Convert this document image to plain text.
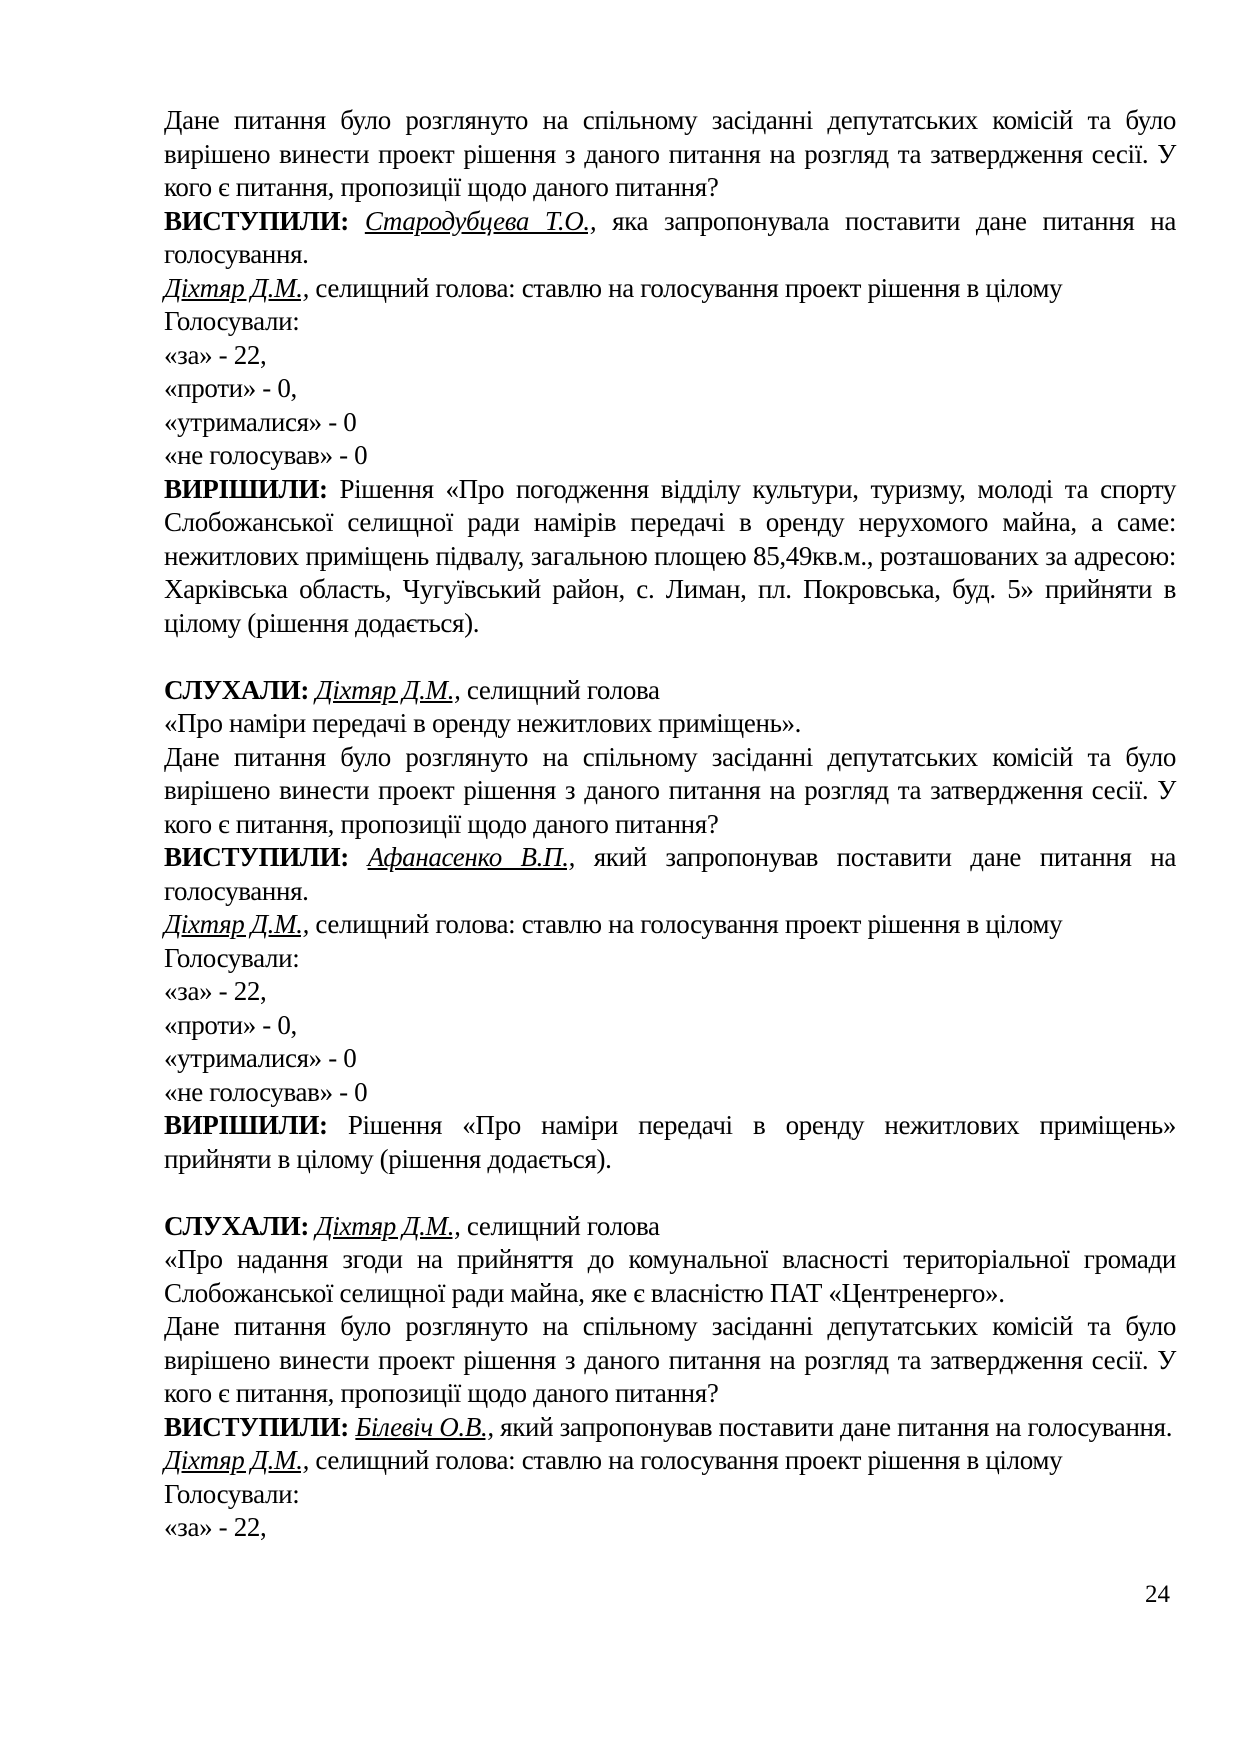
Дане питання було розглянуто на спільному засіданні депутатських комісій та було вирішено винести проект рішення з даного питання на розгляд та затвердження сесії. У кого є питання, пропозиції щодо даного питання?

ВИСТУПИЛИ: Стародубцева Т.О., яка запропонувала поставити дане питання на голосування.

Діхтяр Д.М., селищний голова: ставлю на голосування проект рішення в цілому

Голосували:

«за» - 22,

«проти» - 0,

«утрималися» - 0

«не голосував» - 0

ВИРІШИЛИ: Рішення «Про погодження відділу культури, туризму, молоді та спорту Слобожанської селищної ради намірів передачі в оренду нерухомого майна, а саме: нежитлових приміщень підвалу, загальною площею 85,49кв.м., розташованих за адресою: Харківська область, Чугуївський район, с. Лиман, пл. Покровська, буд. 5» прийняти в цілому (рішення додається).

СЛУХАЛИ: Діхтяр Д.М., селищний голова

«Про наміри передачі в оренду нежитлових приміщень».

Дане питання було розглянуто на спільному засіданні депутатських комісій та було вирішено винести проект рішення з даного питання на розгляд та затвердження сесії. У кого є питання, пропозиції щодо даного питання?

ВИСТУПИЛИ: Афанасенко В.П., який запропонував поставити дане питання на голосування.

Діхтяр Д.М., селищний голова: ставлю на голосування проект рішення в цілому

Голосували:

«за» - 22,

«проти» - 0,

«утрималися» - 0

«не голосував» - 0

ВИРІШИЛИ: Рішення «Про наміри передачі в оренду нежитлових приміщень» прийняти в цілому (рішення додається).

СЛУХАЛИ: Діхтяр Д.М., селищний голова

«Про надання згоди на прийняття до комунальної власності територіальної громади Слобожанської селищної ради майна, яке є власністю ПАТ «Центренерго».

Дане питання було розглянуто на спільному засіданні депутатських комісій та було вирішено винести проект рішення з даного питання на розгляд та затвердження сесії. У кого є питання, пропозиції щодо даного питання?

ВИСТУПИЛИ: Білевіч О.В., який запропонував поставити дане питання на голосування.

Діхтяр Д.М., селищний голова: ставлю на голосування проект рішення в цілому

Голосували:

«за» - 22,

24
